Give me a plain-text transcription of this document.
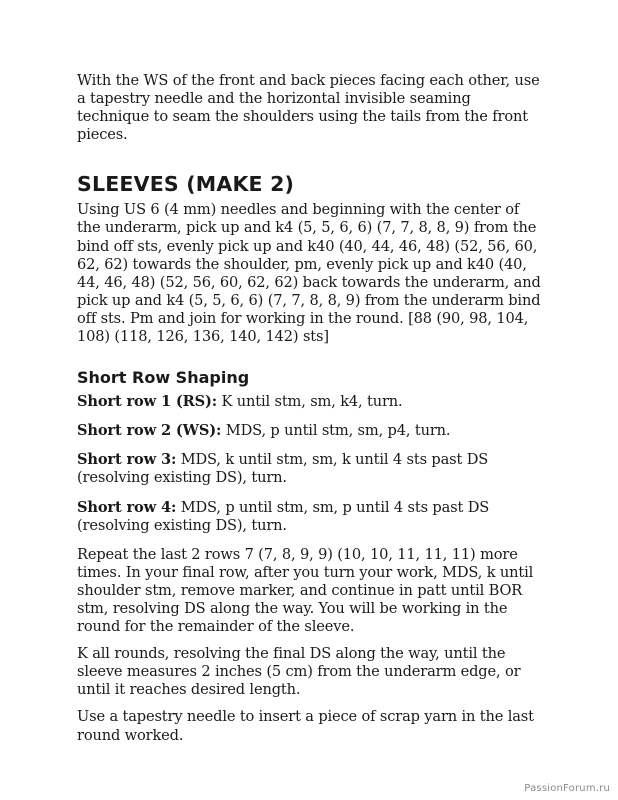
With the WS of the front and back pieces facing each other, use a tapestry needle and the horizontal invisible seaming technique to seam the shoulders using the tails from the front pieces.

SLEEVES (MAKE 2)

Using US 6 (4 mm) needles and beginning with the center of the underarm, pick up and k4 (5, 5, 6, 6) (7, 7, 8, 8, 9) from the bind off sts, evenly pick up and k40 (40, 44, 46, 48) (52, 56, 60, 62, 62) towards the shoulder, pm, evenly pick up and k40 (40, 44, 46, 48) (52, 56, 60, 62, 62) back towards the underarm, and pick up and k4 (5, 5, 6, 6) (7, 7, 8, 8, 9) from the underarm bind off sts. Pm and join for working in the round. [88 (90, 98, 104, 108) (118, 126, 136, 140, 142) sts]

Short Row Shaping

Short row 1 (RS): K until stm, sm, k4, turn.

Short row 2 (WS): MDS, p until stm, sm, p4, turn.

Short row 3: MDS, k until stm, sm, k until 4 sts past DS (resolving existing DS), turn.

Short row 4: MDS, p until stm, sm, p until 4 sts past DS (resolving existing DS), turn.

Repeat the last 2 rows 7 (7, 8, 9, 9) (10, 10, 11, 11, 11) more times. In your final row, after you turn your work, MDS, k until shoulder stm, remove marker, and continue in patt until BOR stm, resolving DS along the way. You will be working in the round for the remainder of the sleeve.

K all rounds, resolving the final DS along the way, until the sleeve measures 2 inches (5 cm) from the underarm edge, or until it reaches desired length.

Use a tapestry needle to insert a piece of scrap yarn in the last round worked.

PassionForum.ru
